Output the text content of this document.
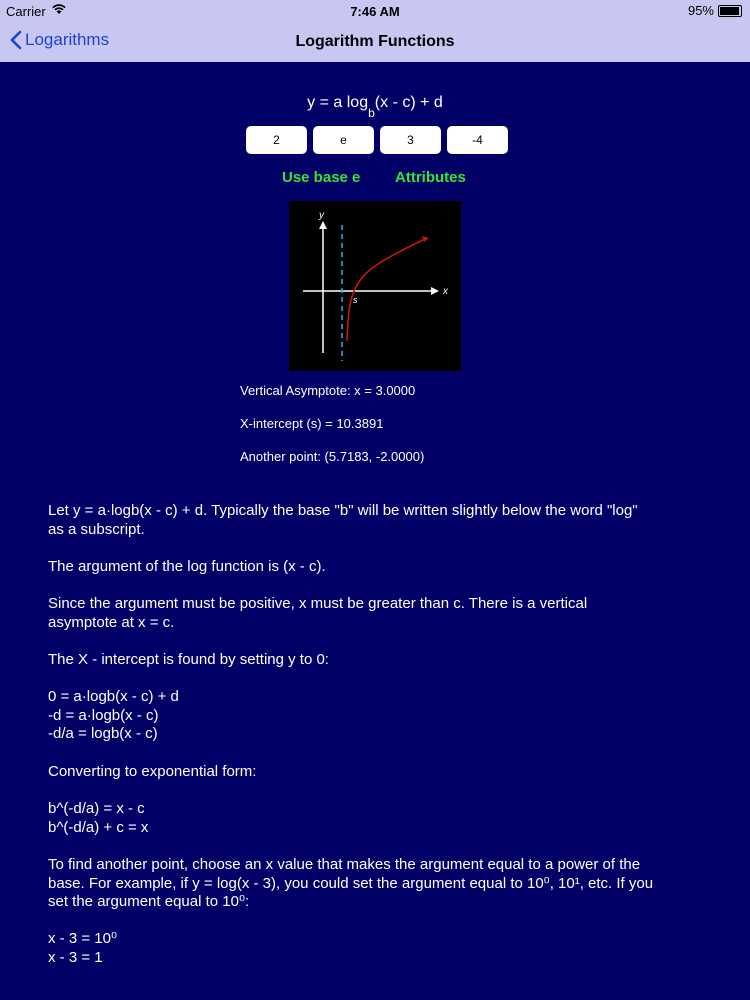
Carrier	7:46 AM	95%
Logarithms	Logarithm Functions
y = a $\log_b(x - c) + d$
2	e	3	-4
Use base e Attributes
y
x
s
Vertical Asymptote: x = 3.0000
X-intercept (s) = 10.3891
Another point: (5.7183, -2.0000)

Let y = a·logb(x - c) + d. Typically the base "b" will be written slightly below the word "log"

as a subscript.

The argument of the log function is (x - c).

Since the argument must be positive, x must be greater than c. There is a vertical

asymptote at x = c.

The X - intercept is found by setting y to 0:

0 = a·logb(x - c) + d

-d = a·logb(x - c)

-d/a = logb(x - c)

Converting to exponential form:

b^(-d/a) = x - c

b^(-d/a) + c = x

To find another point, choose an x value that makes the argument equal to a power of the

base. For example, if y = log(x - 3), you could set the argument equal to 10⁰, 10¹, etc. If you

set the argument equal to 10⁰:

x - 3 = 10⁰

x - 3 = 1
